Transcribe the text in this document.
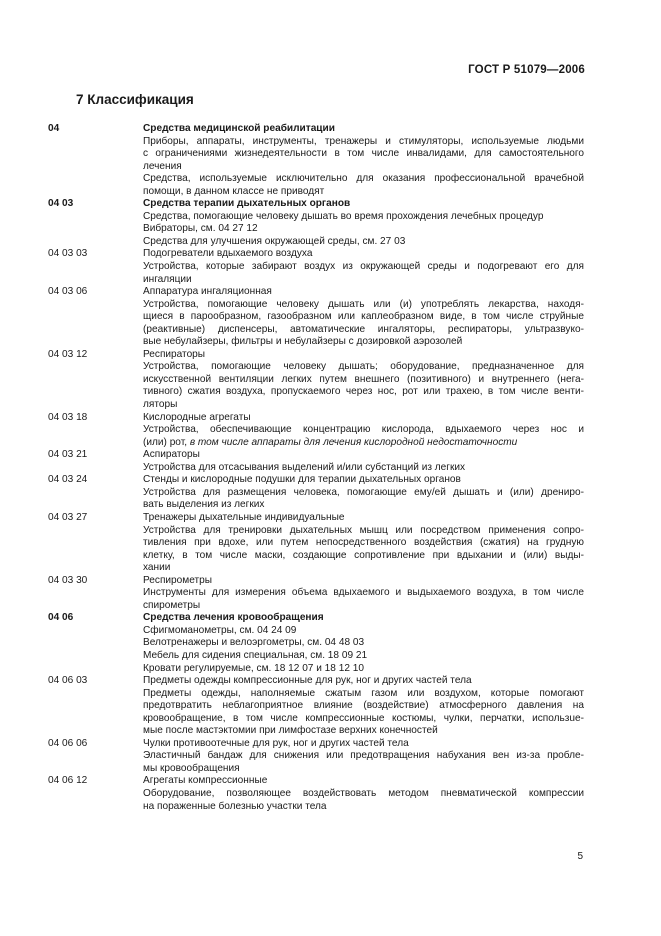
ГОСТ Р 51079—2006
7 Классификация
04	Средства медицинской реабилитации
Приборы, аппараты, инструменты, тренажеры и стимуляторы, используемые людьми
с ограничениями жизнедеятельности в том числе инвалидами, для самостоятельного
лечения
Средства, используемые исключительно для оказания профессиональной врачебной
помощи, в данном классе не приводят
04 03	Средства терапии дыхательных органов
Средства, помогающие человеку дышать во время прохождения лечебных процедур
Вибраторы, см. 04 27 12
Средства для улучшения окружающей среды, см. 27 03
04 03 03	Подогреватели вдыхаемого воздуха
Устройства, которые забирают воздух из окружающей среды и подогревают его для
ингаляции
04 03 06	Аппаратура ингаляционная
Устройства, помогающие человеку дышать или (и) употреблять лекарства, находя-
щиеся в парообразном, газообразном или каплеобразном виде, в том числе струйные
(реактивные) диспенсеры, автоматические ингаляторы, респираторы, ультразвуко-
вые небулайзеры, фильтры и небулайзеры с дозировкой аэрозолей
04 03 12	Респираторы
Устройства, помогающие человеку дышать; оборудование, предназначенное для
искусственной вентиляции легких путем внешнего (позитивного) и внутреннего (нега-
тивного) сжатия воздуха, пропускаемого через нос, рот или трахею, в том числе венти-
ляторы
04 03 18	Кислородные агрегаты
Устройства, обеспечивающие концентрацию кислорода, вдыхаемого через нос и
(или) рот, в том числе аппараты для лечения кислородной недостаточности
04 03 21	Аспираторы
Устройства для отсасывания выделений и/или субстанций из легких
04 03 24	Стенды и кислородные подушки для терапии дыхательных органов
Устройства для размещения человека, помогающие ему/ей дышать и (или) дрениро-
вать выделения из легких
04 03 27	Тренажеры дыхательные индивидуальные
Устройства для тренировки дыхательных мышц или посредством применения сопро-
тивления при вдохе, или путем непосредственного воздействия (сжатия) на грудную
клетку, в том числе маски, создающие сопротивление при вдыхании и (или) выды-
хании
04 03 30	Респирометры
Инструменты для измерения объема вдыхаемого и выдыхаемого воздуха, в том числе
спирометры
04 06	Средства лечения кровообращения
Сфигмоманометры, см. 04 24 09
Велотренажеры и велоэргометры, см. 04 48 03
Мебель для сидения специальная, см. 18 09 21
Кровати регулируемые, см. 18 12 07 и 18 12 10
04 06 03	Предметы одежды компрессионные для рук, ног и других частей тела
Предметы одежды, наполняемые сжатым газом или воздухом, которые помогают
предотвратить неблагоприятное влияние (воздействие) атмосферного давления на
кровообращение, в том числе компрессионные костюмы, чулки, перчатки, использue-
мые после мастэктомии при лимфостазе верхних конечностей
04 06 06	Чулки противоотечные для рук, ног и других частей тела
Эластичный бандаж для снижения или предотвращения набухания вен из-за пробле-
мы кровообращения
04 06 12	Агрегаты компрессионные
Оборудование, позволяющее воздействовать методом пневматической компрессии
на пораженные болезнью участки тела
5
